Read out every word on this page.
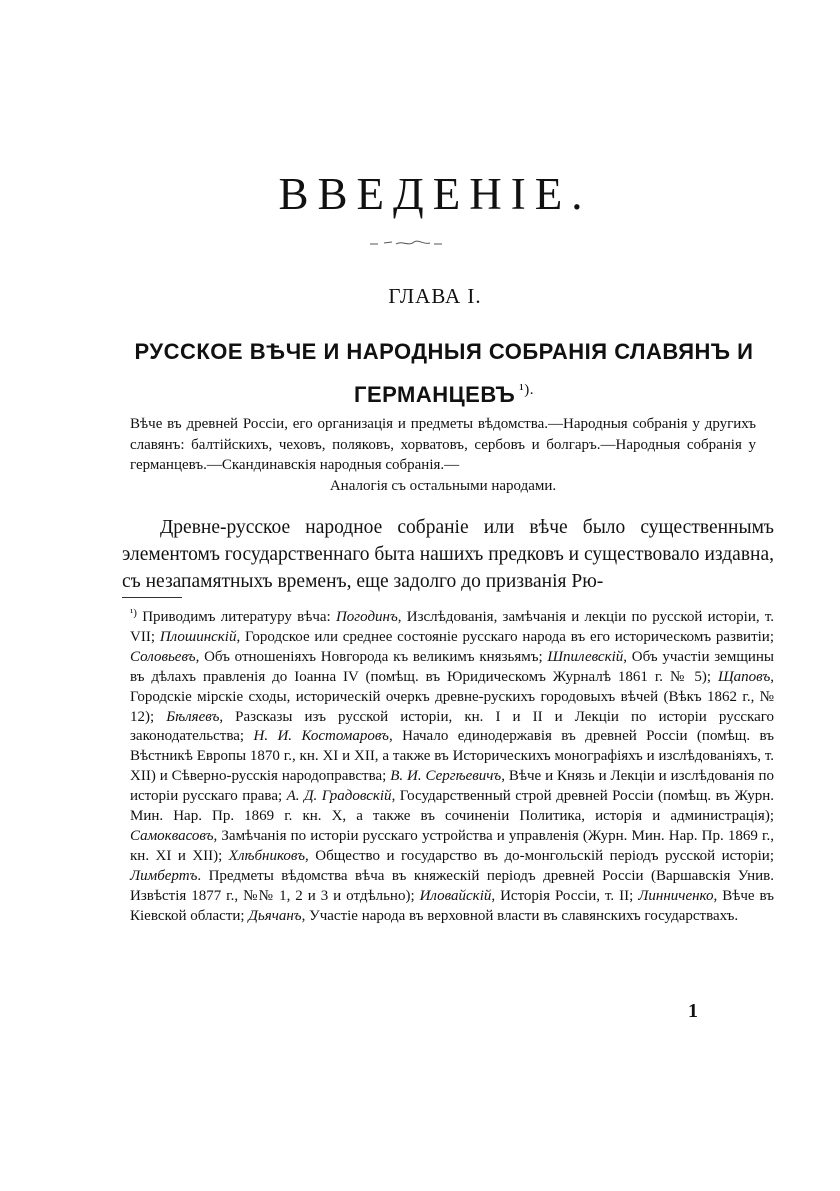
ВВЕДЕНІЕ.
ГЛАВА I.
РУССКОЕ ВѢЧЕ И НАРОДНЫЯ СОБРАНІЯ СЛАВЯНЪ И
ГЕРМАНЦЕВЪ $^{^1).}$
Вѣче въ древней Россіи, его организація и предметы вѣдомства.—Народныя собранія у другихъ славянъ: балтійскихъ, чеховъ, поляковъ, хорватовъ, сербовъ и болгаръ.—Народныя собранія у германцевъ.—Скандинавскія народныя собранія.—
Аналогія съ остальными народами.
Древне-русское народное собраніе или вѣче было существеннымъ элементомъ государственнаго быта нашихъ предковъ и существовало издавна, съ незапамятныхъ временъ, еще задолго до призванія Рю-
$^{^1)}$ Приводимъ литературу вѣча: Погодинъ, Изслѣдованія, замѣчанія и лекціи по русской исторіи, т. VII; Плошинскій, Городское или среднее состояніе русскаго народа въ его историческомъ развитіи; Соловьевъ, Объ отношеніяхъ Новгорода къ великимъ князьямъ; Шпилевскій, Объ участіи земщины въ дѣлахъ правленія до Іоанна IV (помѣщ. въ Юридическомъ Журналѣ 1861 г. № 5); Щаповъ, Городскіе мірскіе сходы, историческій очеркъ древне-рускихъ городовыхъ вѣчей (Вѣкъ 1862 г., № 12); Бѣляевъ, Разсказы изъ русской исторіи, кн. I и II и Лекціи по исторіи русскаго законодательства; Н. И. Костомаровъ, Начало единодержавія въ древней Россіи (помѣщ. въ Вѣстникѣ Европы 1870 г., кн. XI и XII, а также въ Историческихъ монографіяхъ и изслѣдованіяхъ, т. XII) и Сѣверно-русскія народоправства; В. И. Сергѣевичъ, Вѣче и Князь и Лекціи и изслѣдованія по исторіи русскаго права; А. Д. Градовскій, Государственный строй древней Россіи (помѣщ. въ Журн. Мин. Нар. Пр. 1869 г. кн. X, а также въ сочиненіи Политика, исторія и администрація); Самоквасовъ, Замѣчанія по исторіи русскаго устройства и управленія (Журн. Мин. Нар. Пр. 1869 г., кн. XI и XII); Хлѣбниковъ, Общество и государство въ до-монгольскій періодъ русской исторіи; Лимбертъ. Предметы вѣдомства вѣча въ княжескій періодъ древней Россіи (Варшавскія Унив. Извѣстія 1877 г., №№ 1, 2 и 3 и отдѣльно); Иловайскій, Исторія Россіи, т. II; Линниченко, Вѣче въ Кіевской области; Дьячанъ, Участіе народа въ верховной власти въ славянскихъ государствахъ.
1
